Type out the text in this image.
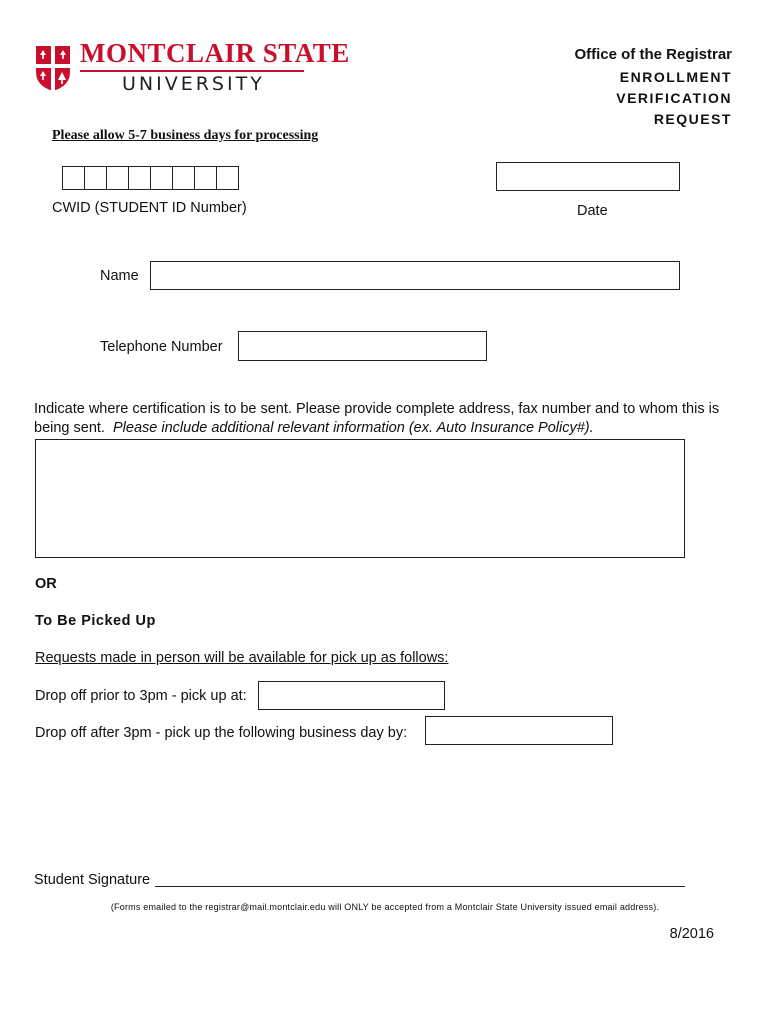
MONTCLAIR STATE
UNIVERSITY
Office of the Registrar
ENROLLMENT
VERIFICATION
REQUEST
Please allow 5-7 business days for processing
CWID (STUDENT ID Number)	Date
Name
Telephone Number
Indicate where certification is to be sent. Please provide complete address, fax number and to whom this is being sent. Please include additional relevant information (ex. Auto Insurance Policy#).
OR
To Be Picked Up
Requests made in person will be available for pick up as follows:
Drop off prior to 3pm - pick up at:
Drop off after 3pm - pick up the following business day by:
Student Signature
(Forms emailed to the registrar@mail.montclair.edu will ONLY be accepted from a Montclair State University issued email address).
8/2016
